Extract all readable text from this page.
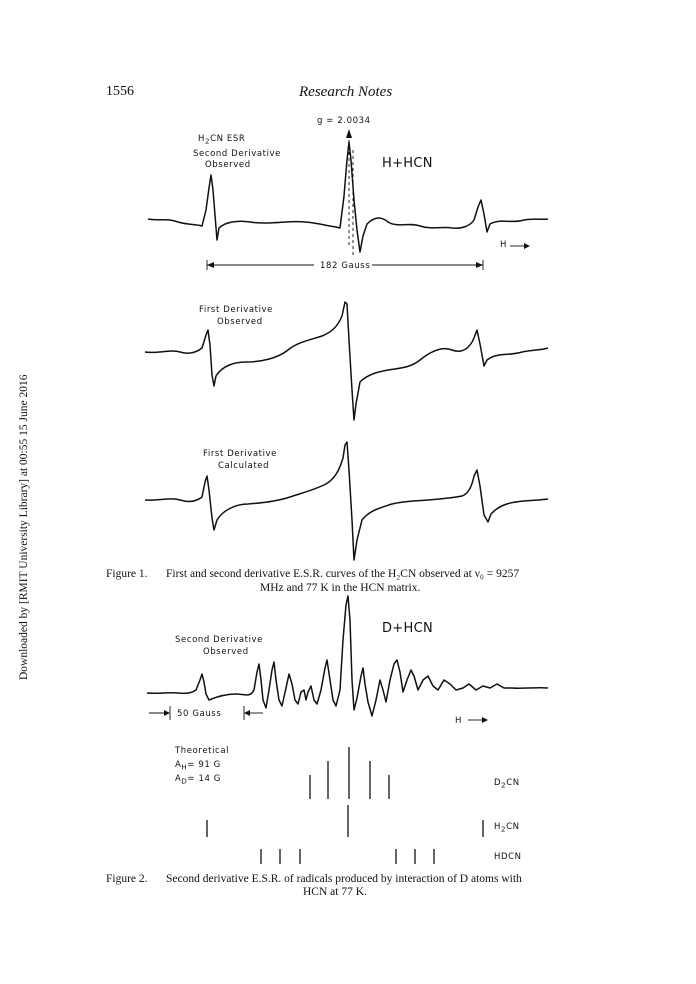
1556	Research Notes
Downloaded by [RMIT University Library] at 00:55 15 June 2016
$H_2CN$ ESR
Second Derivative
Observed
g = 2.0034
H+HCN
H
182 Gauss
First Derivative
Observed
First Derivative
Calculated
Figure 1. First and second derivative E.S.R. curves of the H₂CN observed at ν₀ = 9257
MHz and 77 K in the HCN matrix.
D+HCN
Second Derivative
Observed
50 Gauss
H
Theoretical
$A_H= 91$ G
$A_D= 14$ G	$D_2CN$
$H_2CN$
HDCN
Figure 2. Second derivative E.S.R. of radicals produced by interaction of D atoms with
HCN at 77 K.
